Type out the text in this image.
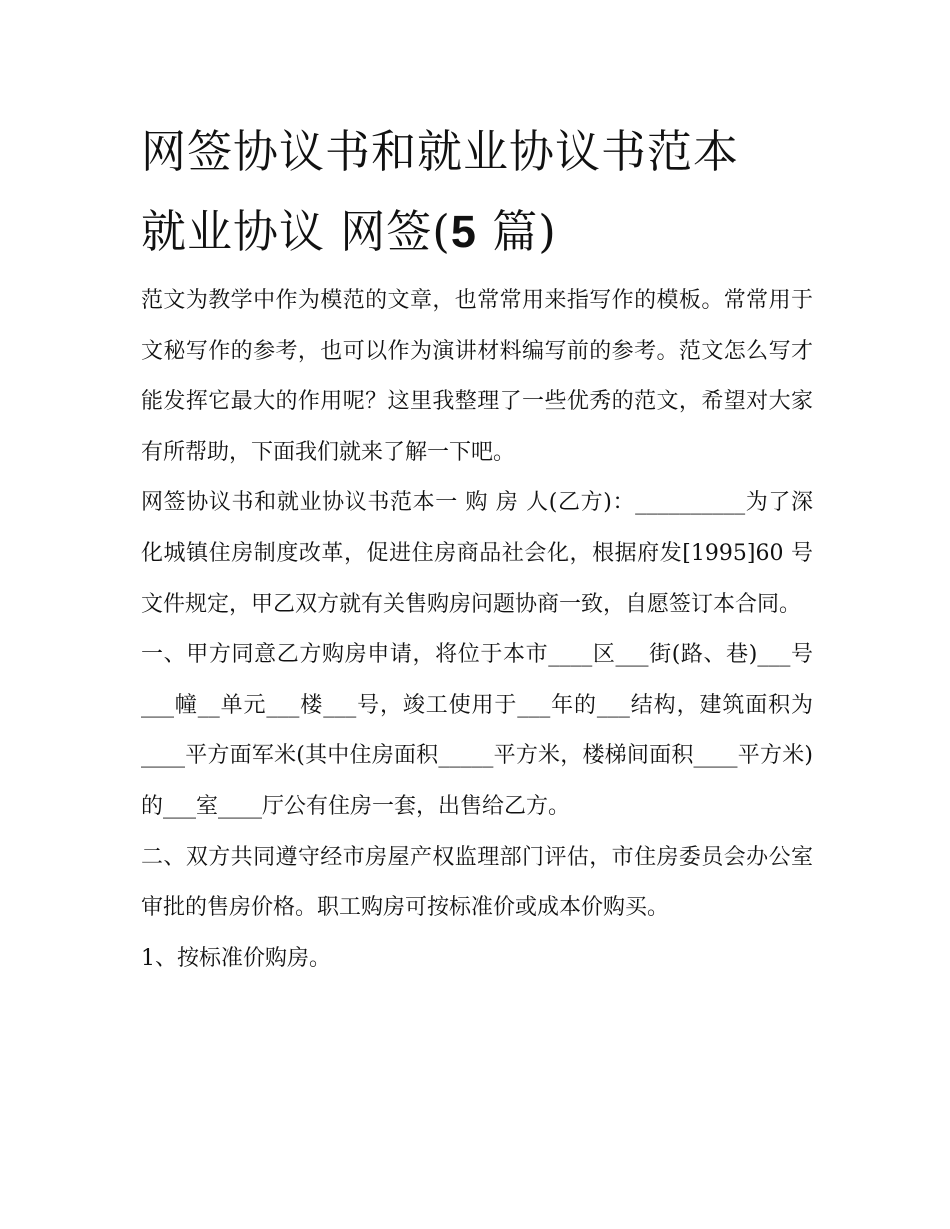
网签协议书和就业协议书范本
就业协议 网签(5 篇)

范文为教学中作为模范的文章，也常常用来指写作的模板。常常用于文秘写作的参考，也可以作为演讲材料编写前的参考。范文怎么写才能发挥它最大的作用呢？这里我整理了一些优秀的范文，希望对大家有所帮助，下面我们就来了解一下吧。

网签协议书和就业协议书范本一 购 房 人(乙方)：__________为了深化城镇住房制度改革，促进住房商品社会化，根据府发[1995]60 号文件规定，甲乙双方就有关售购房问题协商一致，自愿签订本合同。

一、甲方同意乙方购房申请，将位于本市____区___街(路、巷)___号___幢__单元___楼___号，竣工使用于___年的___结构，建筑面积为____平方面军米(其中住房面积_____平方米，楼梯间面积____平方米)的___室____厅公有住房一套，出售给乙方。

二、双方共同遵守经市房屋产权监理部门评估，市住房委员会办公室审批的售房价格。职工购房可按标准价或成本价购买。

1、按标准价购房。
